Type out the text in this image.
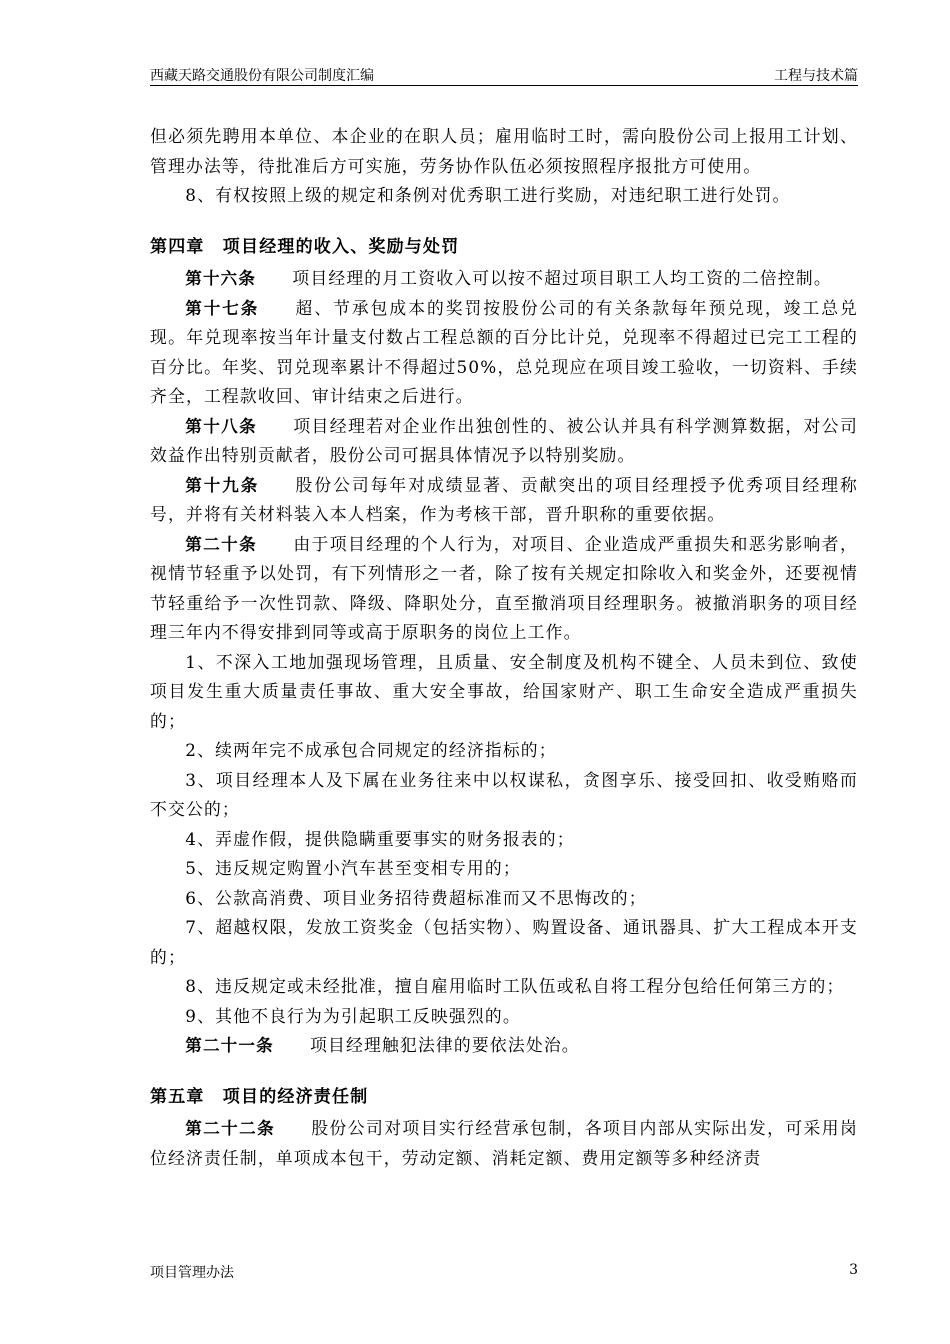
西藏天路交通股份有限公司制度汇编	工程与技术篇

但必须先聘用本单位、本企业的在职人员；雇用临时工时，需向股份公司上报用工计划、管理办法等，待批准后方可实施，劳务协作队伍必须按照程序报批方可使用。

8、有权按照上级的规定和条例对优秀职工进行奖励，对违纪职工进行处罚。

第四章　项目经理的收入、奖励与处罚

第十六条 项目经理的月工资收入可以按不超过项目职工人均工资的二倍控制。

第十七条 超、节承包成本的奖罚按股份公司的有关条款每年预兑现，竣工总兑现。年兑现率按当年计量支付数占工程总额的百分比计兑，兑现率不得超过已完工工程的百分比。年奖、罚兑现率累计不得超过50%，总兑现应在项目竣工验收，一切资料、手续齐全，工程款收回、审计结束之后进行。

第十八条 项目经理若对企业作出独创性的、被公认并具有科学测算数据，对公司效益作出特别贡献者，股份公司可据具体情况予以特别奖励。

第十九条 股份公司每年对成绩显著、贡献突出的项目经理授予优秀项目经理称号，并将有关材料装入本人档案，作为考核干部，晋升职称的重要依据。

第二十条 由于项目经理的个人行为，对项目、企业造成严重损失和恶劣影响者，视情节轻重予以处罚，有下列情形之一者，除了按有关规定扣除收入和奖金外，还要视情节轻重给予一次性罚款、降级、降职处分，直至撤消项目经理职务。被撤消职务的项目经理三年内不得安排到同等或高于原职务的岗位上工作。

1、不深入工地加强现场管理，且质量、安全制度及机构不键全、人员未到位、致使项目发生重大质量责任事故、重大安全事故，给国家财产、职工生命安全造成严重损失的；

2、续两年完不成承包合同规定的经济指标的；

3、项目经理本人及下属在业务往来中以权谋私，贪图享乐、接受回扣、收受贿赂而不交公的；

4、弄虚作假，提供隐瞒重要事实的财务报表的；

5、违反规定购置小汽车甚至变相专用的；

6、公款高消费、项目业务招待费超标准而又不思悔改的；

7、超越权限，发放工资奖金（包括实物）、购置设备、通讯器具、扩大工程成本开支的；

8、违反规定或未经批准，擅自雇用临时工队伍或私自将工程分包给任何第三方的；

9、其他不良行为为引起职工反映强烈的。

第二十一条 项目经理触犯法律的要依法处治。

第五章　项目的经济责任制

第二十二条 股份公司对项目实行经营承包制，各项目内部从实际出发，可采用岗位经济责任制，单项成本包干，劳动定额、消耗定额、费用定额等多种经济责

项目管理办法	3
